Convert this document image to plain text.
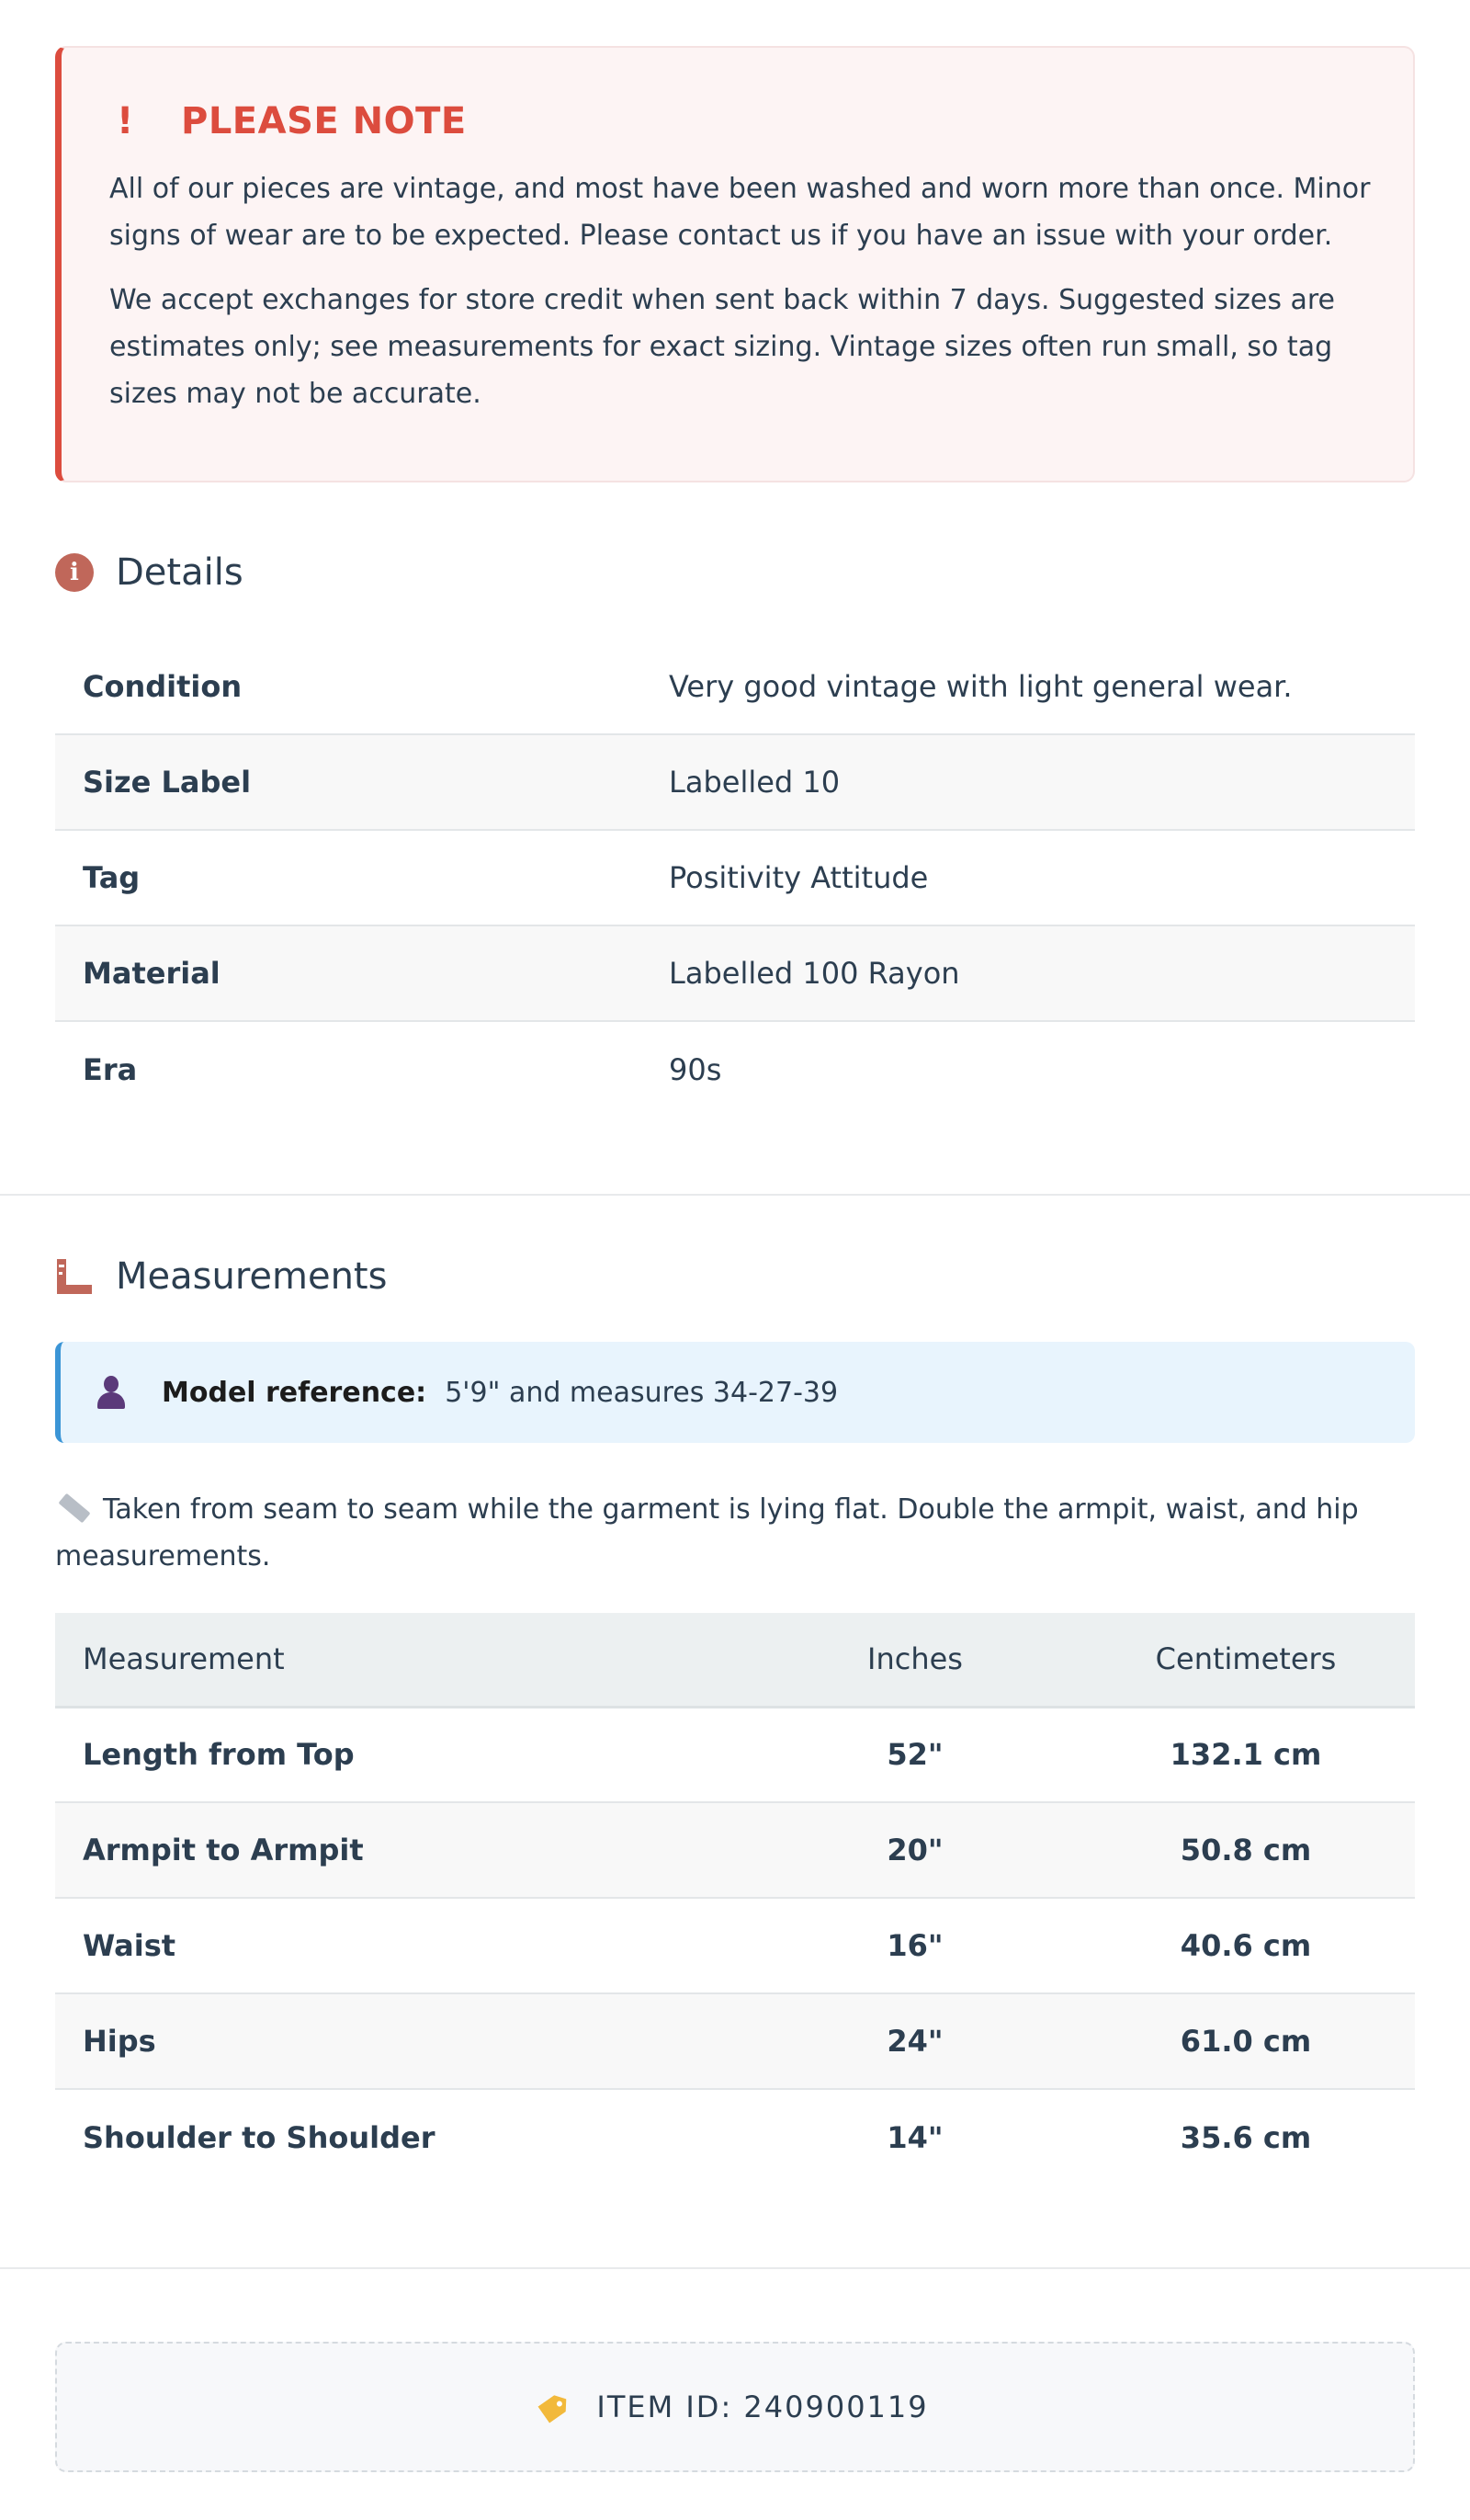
!	PLEASE NOTE

All of our pieces are vintage, and most have been washed and worn more than once. Minor signs of wear are to be expected. Please contact us if you have an issue with your order.

We accept exchanges for store credit when sent back within 7 days. Suggested sizes are estimates only; see measurements for exact sizing. Vintage sizes often run small, so tag sizes may not be accurate.

i	Details
Condition	Very good vintage with light general wear.
Size Label	Labelled 10
Tag	Positivity Attitude
Material	Labelled 100 Rayon
Era	90s
Measurements
Model reference: 5'9" and measures 34-27-39
Taken from seam to seam while the garment is lying flat. Double the armpit, waist, and hip measurements.
Measurement	Inches	Centimeters
Length from Top	52"	132.1 cm
Armpit to Armpit	20"	50.8 cm
Waist	16"	40.6 cm
Hips	24"	61.0 cm
Shoulder to Shoulder	14"	35.6 cm
ITEM ID: 240900119
